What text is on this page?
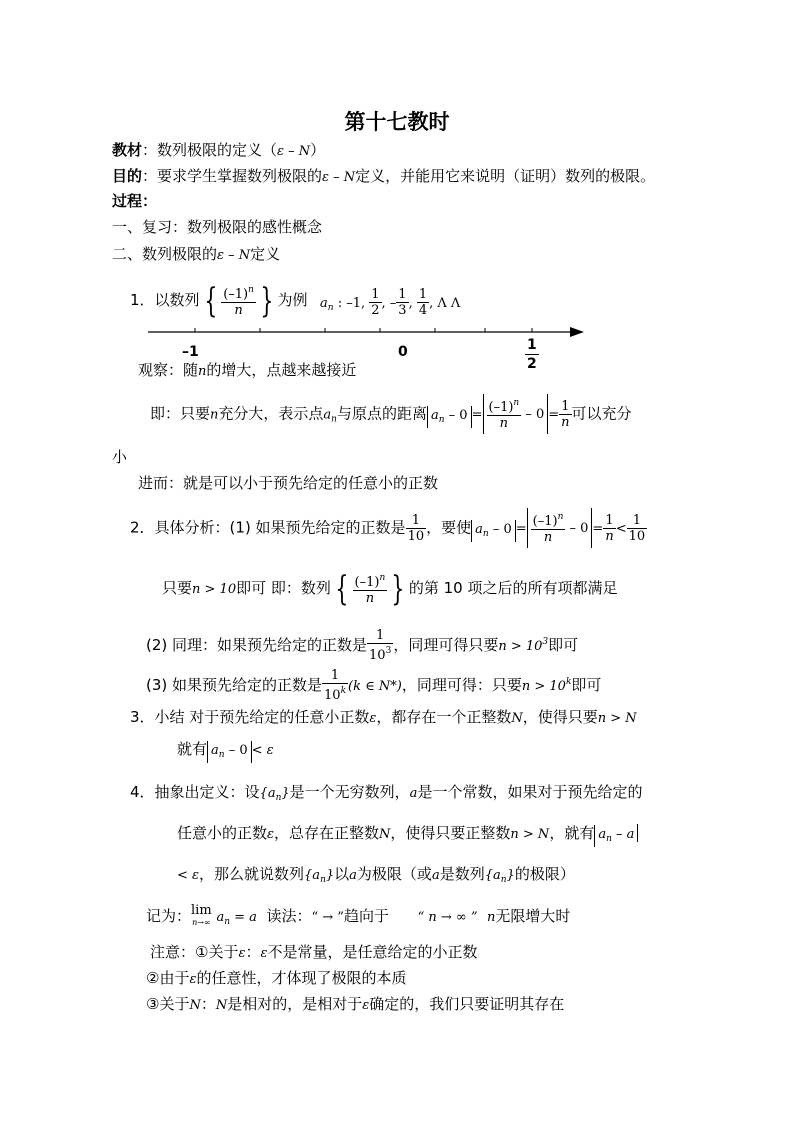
第十七教时
教材：数列极限的定义（ε – N）
目的：要求学生掌握数列极限的ε – N定义，并能用它来说明（证明）数列的极限。
过程：
一、复习：数列极限的感性概念
二、数列极限的ε – N定义
1．以数列 { $\frac{(-1)^n}{n}$ } 为例 $a_n$ : –1, $\frac{1}{2}$ , – $\frac{1}{3}$ , $\frac{1}{4}$ , Λ Λ
–1	0	$\frac{1}{2}$
观察：随n的增大，点越来越接近
即：只要n充分大，表示点$a_n$与原点的距离 $a_n - 0 = \frac{(-1)^n}{n} - 0 = \frac{1}{n}$ 可以充分
小
进而：就是可以小于预先给定的任意小的正数
2．具体分析：(1) 如果预先给定的正数是 $\frac{1}{10}$ ，要使 $a_n - 0 = \frac{(-1)^n}{n} - 0 = \frac{1}{n} < \frac{1}{10}$
只要n > 10即可 即：数列 { $\frac{(-1)^n}{n}$ } 的第 10 项之后的所有项都满足
(2) 同理：如果预先给定的正数是 $\frac{1}{10^3}$ ，同理可得只要$n > 10^3$即可
(3) 如果预先给定的正数是 $\frac{1}{10^k} (k$ ∈ N*)，同理可得：只要$n > 10^k$即可
3．小结 对于预先给定的任意小正数ε，都存在一个正整数N，使得只要n > N
就有 $a_n - 0 < \varepsilon$
4．抽象出定义：设$\{a_n\}$是一个无穷数列，a是一个常数，如果对于预先给定的
任意小的正数ε，总存在正整数N，使得只要正整数n > N，就有 $a_n$ – a
< ε，那么就说数列$\{a_n\}$以a为极限（或a是数列$\{a_n\}$的极限）
记为： lim
n→∞ $a_n = a$ 读法：“ → ”趋向于 “ n → ∞ ” n无限增大时
注意：①关于ε：ε不是常量，是任意给定的小正数
②由于ε的任意性，才体现了极限的本质
③关于N：N是相对的，是相对于ε确定的，我们只要证明其存在
